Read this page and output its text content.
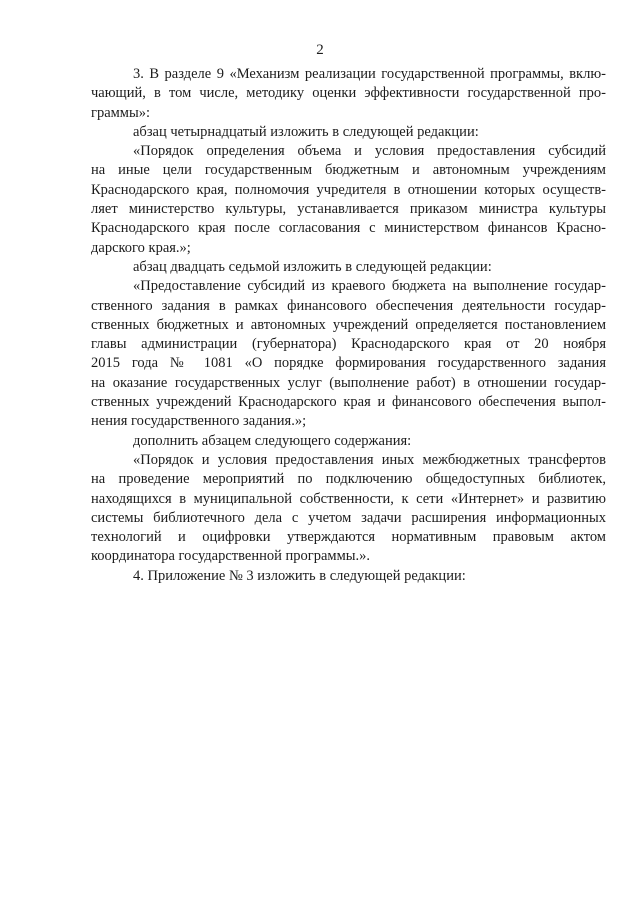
2
3. В разделе 9 «Механизм реализации государственной программы, вклю-
чающий, в том числе, методику оценки эффективности государственной про-
граммы»:
абзац четырнадцатый изложить в следующей редакции:
«Порядок определения объема и условия предоставления субсидий
на иные цели государственным бюджетным и автономным учреждениям
Краснодарского края, полномочия учредителя в отношении которых осуществ-
ляет министерство культуры, устанавливается приказом министра культуры
Краснодарского края после согласования с министерством финансов Красно-
дарского края.»;
абзац двадцать седьмой изложить в следующей редакции:
«Предоставление субсидий из краевого бюджета на выполнение государ-
ственного задания в рамках финансового обеспечения деятельности государ-
ственных бюджетных и автономных учреждений определяется постановлением
главы администрации (губернатора) Краснодарского края от 20 ноября
2015 года № 1081 «О порядке формирования государственного задания
на оказание государственных услуг (выполнение работ) в отношении государ-
ственных учреждений Краснодарского края и финансового обеспечения выпол-
нения государственного задания.»;
дополнить абзацем следующего содержания:
«Порядок и условия предоставления иных межбюджетных трансфертов
на проведение мероприятий по подключению общедоступных библиотек,
находящихся в муниципальной собственности, к сети «Интернет» и развитию
системы библиотечного дела с учетом задачи расширения информационных
технологий и оцифровки утверждаются нормативным правовым актом
координатора государственной программы.».
4. Приложение № 3 изложить в следующей редакции:
